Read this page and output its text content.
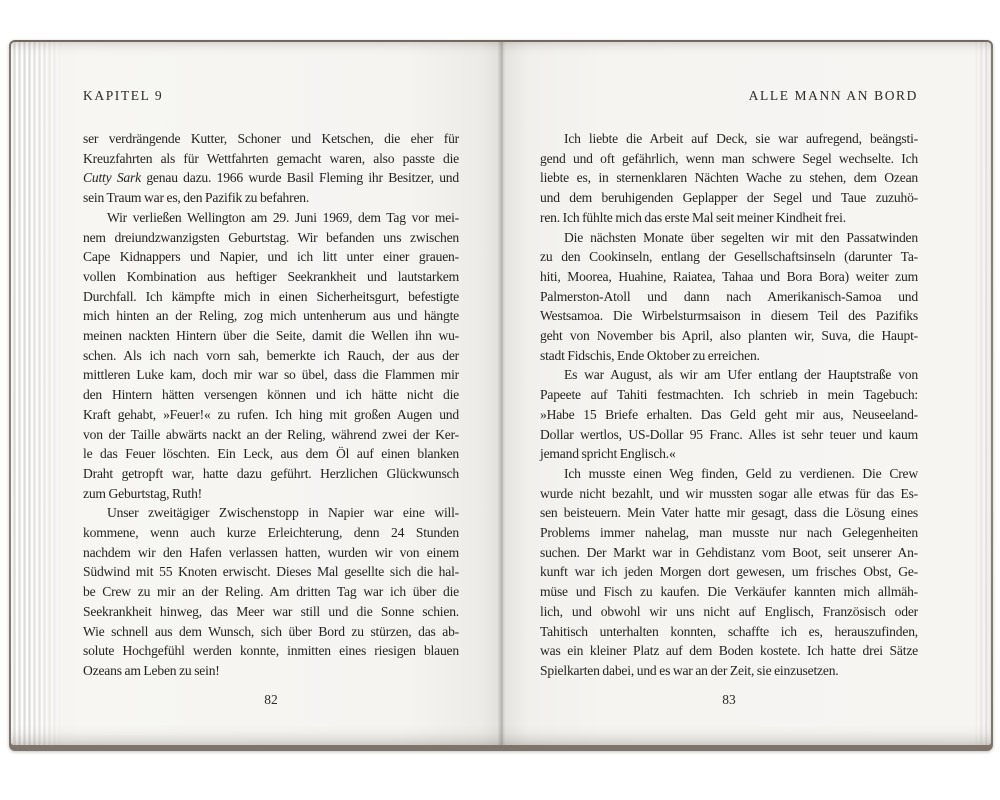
KAPITEL 9
ser verdrängende Kutter, Schoner und Ketschen, die eher für
Kreuzfahrten als für Wettfahrten gemacht waren, also passte die
Cutty Sark genau dazu. 1966 wurde Basil Fleming ihr Besitzer, und
sein Traum war es, den Pazifik zu befahren.
Wir verließen Wellington am 29. Juni 1969, dem Tag vor mei-
nem dreiundzwanzigsten Geburtstag. Wir befanden uns zwischen
Cape Kidnappers und Napier, und ich litt unter einer grauen-
vollen Kombination aus heftiger Seekrankheit und lautstarkem
Durchfall. Ich kämpfte mich in einen Sicherheitsgurt, befestigte
mich hinten an der Reling, zog mich untenherum aus und hängte
meinen nackten Hintern über die Seite, damit die Wellen ihn wu-
schen. Als ich nach vorn sah, bemerkte ich Rauch, der aus der
mittleren Luke kam, doch mir war so übel, dass die Flammen mir
den Hintern hätten versengen können und ich hätte nicht die
Kraft gehabt, »Feuer!« zu rufen. Ich hing mit großen Augen und
von der Taille abwärts nackt an der Reling, während zwei der Ker-
le das Feuer löschten. Ein Leck, aus dem Öl auf einen blanken
Draht getropft war, hatte dazu geführt. Herzlichen Glückwunsch
zum Geburtstag, Ruth!
Unser zweitägiger Zwischenstopp in Napier war eine will-
kommene, wenn auch kurze Erleichterung, denn 24 Stunden
nachdem wir den Hafen verlassen hatten, wurden wir von einem
Südwind mit 55 Knoten erwischt. Dieses Mal gesellte sich die hal-
be Crew zu mir an der Reling. Am dritten Tag war ich über die
Seekrankheit hinweg, das Meer war still und die Sonne schien.
Wie schnell aus dem Wunsch, sich über Bord zu stürzen, das ab-
solute Hochgefühl werden konnte, inmitten eines riesigen blauen
Ozeans am Leben zu sein!
82
ALLE MANN AN BORD
Ich liebte die Arbeit auf Deck, sie war aufregend, beängsti-
gend und oft gefährlich, wenn man schwere Segel wechselte. Ich
liebte es, in sternenklaren Nächten Wache zu stehen, dem Ozean
und dem beruhigenden Geplapper der Segel und Taue zuzuhö-
ren. Ich fühlte mich das erste Mal seit meiner Kindheit frei.
Die nächsten Monate über segelten wir mit den Passatwinden
zu den Cookinseln, entlang der Gesellschaftsinseln (darunter Ta-
hiti, Moorea, Huahine, Raiatea, Tahaa und Bora Bora) weiter zum
Palmerston-Atoll und dann nach Amerikanisch-Samoa und
Westsamoa. Die Wirbelsturmsaison in diesem Teil des Pazifiks
geht von November bis April, also planten wir, Suva, die Haupt-
stadt Fidschis, Ende Oktober zu erreichen.
Es war August, als wir am Ufer entlang der Hauptstraße von
Papeete auf Tahiti festmachten. Ich schrieb in mein Tagebuch:
»Habe 15 Briefe erhalten. Das Geld geht mir aus, Neuseeland-
Dollar wertlos, US-Dollar 95 Franc. Alles ist sehr teuer und kaum
jemand spricht Englisch.«
Ich musste einen Weg finden, Geld zu verdienen. Die Crew
wurde nicht bezahlt, und wir mussten sogar alle etwas für das Es-
sen beisteuern. Mein Vater hatte mir gesagt, dass die Lösung eines
Problems immer nahelag, man musste nur nach Gelegenheiten
suchen. Der Markt war in Gehdistanz vom Boot, seit unserer An-
kunft war ich jeden Morgen dort gewesen, um frisches Obst, Ge-
müse und Fisch zu kaufen. Die Verkäufer kannten mich allmäh-
lich, und obwohl wir uns nicht auf Englisch, Französisch oder
Tahitisch unterhalten konnten, schaffte ich es, herauszufinden,
was ein kleiner Platz auf dem Boden kostete. Ich hatte drei Sätze
Spielkarten dabei, und es war an der Zeit, sie einzusetzen.
83
